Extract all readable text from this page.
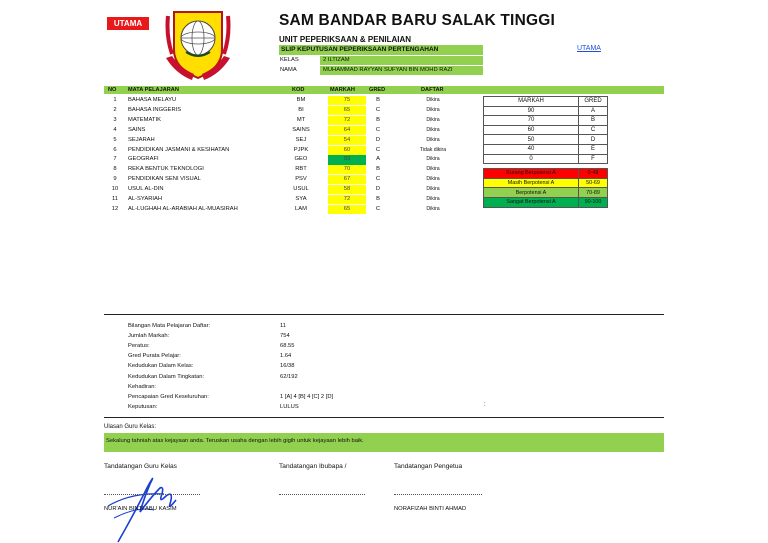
UTAMA	SAM BANDAR BARU SALAK TINGGI
UNIT PEPERIKSAAN & PENILAIAN
SLIP KEPUTUSAN PEPERIKSAAN PERTENGAHAN	UTAMA
KELAS	2 ILTIZAM
NAMA	MUHAMMAD RAYYAN SUFYAN BIN MOHD RAZI
NO MATA PELAJARAN	KOD	MARKAH	GRED	DAFTAR
1	BAHASA MELAYU	BM	75	B	Dikira
2	BAHASA INGGERIS	BI	65	C	Dikira
3	MATEMATIK	MT	72	B	Dikira
4	SAINS	SAINS	64	C	Dikira
5	SEJARAH	SEJ	54	D	Dikira
6	PENDIDIKAN JASMANI & KESIHATAN	PJPK	60	C	Tidak dikira
7	GEOGRAFI	GEO	93	A	Dikira
8	REKA BENTUK TEKNOLOGI	RBT	70	B	Dikira
9	PENDIDIKAN SENI VISUAL	PSV	67	C	Dikira
10	USUL AL-DIN	USUL	58	D	Dikira
11	AL-SYARIAH	SYA	72	B	Dikira
12	AL-LUGHAH AL-ARABIAH AL-MUASIRAH	LAM	65	C	Dikira
MARKAH	GRED
90	A
70	B
60	C
50	D
40	E
0	F

Kurang Berpotensi A	0-49
Masih Berpotensi A	50-69
Berpotensi A	70-89
Sangat Berpotensi A	90-100
Bilangan Mata Pelajaran Daftar:	11
Jumlah Markah:	754
Peratus:	68.55
Gred Purata Pelajar:	1.64
Kedudukan Dalam Kelas:	16/38
Kedudukan Dalam Tingkatan:	62/192
Kehadiran:
Pencapaian Gred Keseluruhan:	1 [A] 4 [B] 4 [C] 2 [D]
Keputusan:	LULUS	:
Ulasan Guru Kelas:
Sekalung tahniah atas kejayaan anda. Teruskan usaha dengan lebih gigih untuk kejayaan lebih baik.
Tandatangan Guru Kelas	Tandatangan Ibubapa /	Tandatangan Pengetua
NUR'AIN BINTI ABU KASIM	NORAFIZAH BINTI AHMAD
